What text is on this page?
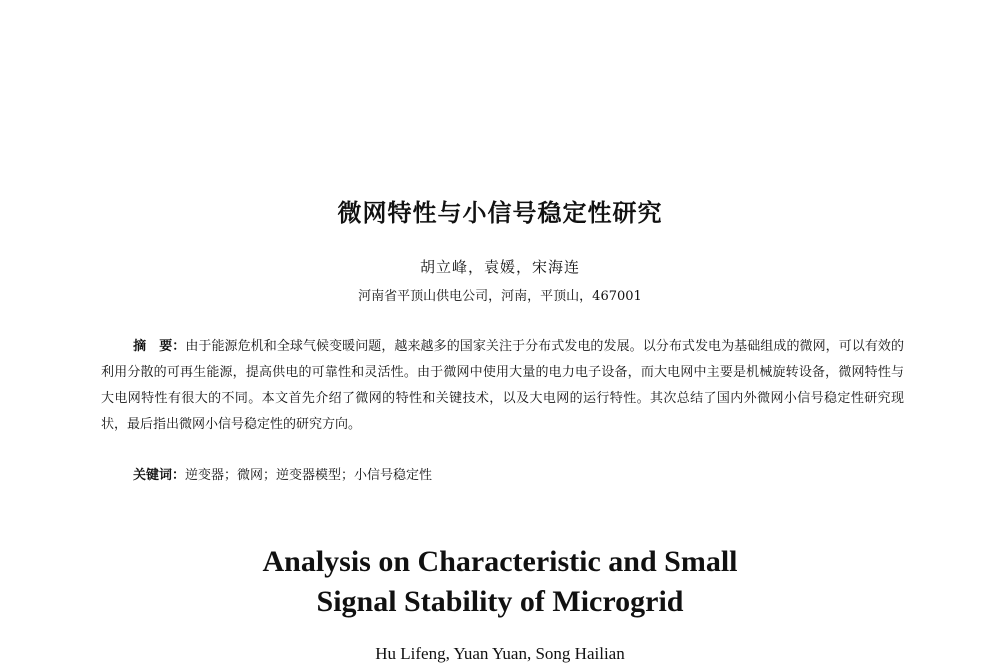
微网特性与小信号稳定性研究
胡立峰，袁媛，宋海连
河南省平顶山供电公司，河南，平顶山，467001
摘　要：由于能源危机和全球气候变暖问题，越来越多的国家关注于分布式发电的发展。以分布式发电为基础组成的微网，可以有效的利用分散的可再生能源，提高供电的可靠性和灵活性。由于微网中使用大量的电力电子设备，而大电网中主要是机械旋转设备，微网特性与大电网特性有很大的不同。本文首先介绍了微网的特性和关键技术，以及大电网的运行特性。其次总结了国内外微网小信号稳定性研究现状，最后指出微网小信号稳定性的研究方向。
关键词：逆变器；微网；逆变器模型；小信号稳定性
Analysis on Characteristic and Small
Signal Stability of Microgrid
Hu Lifeng, Yuan Yuan, Song Hailian
